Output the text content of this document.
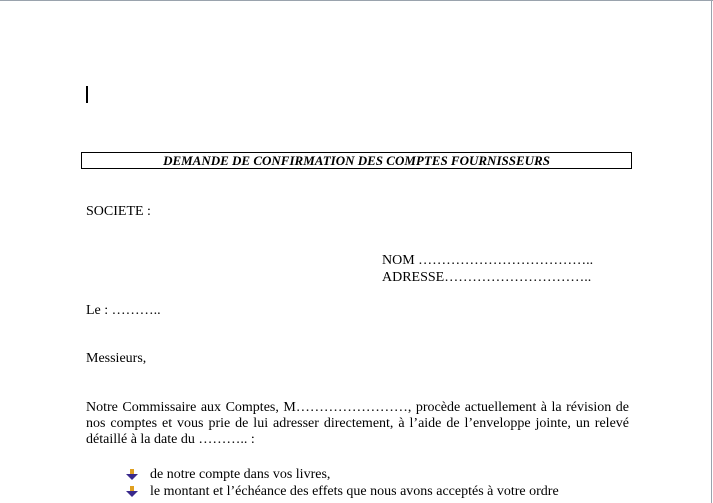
DEMANDE DE CONFIRMATION DES COMPTES FOURNISSEURS
SOCIETE :
NOM ………………………………..
ADRESSE…………………………..
Le : ………..
Messieurs,
Notre Commissaire aux Comptes, M……………………, procède actuellement à la révision de nos comptes et vous prie de lui adresser directement, à l’aide de l’enveloppe jointe, un relevé détaillé à la date du ……….. :
de notre compte dans vos livres,
le montant et l’échéance des effets que nous avons acceptés à votre ordre
